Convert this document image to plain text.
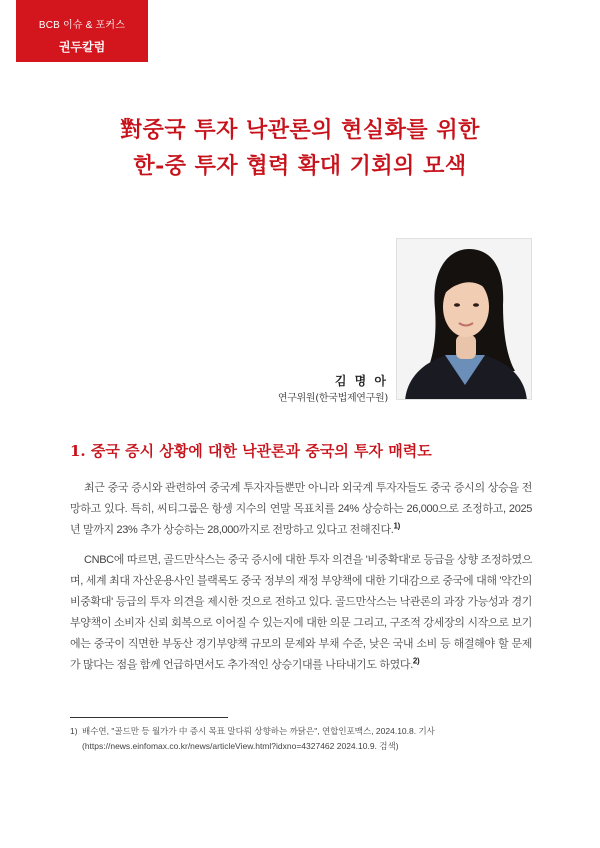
BCB 이슈 & 포커스
권두칼럼
對중국 투자 낙관론의 현실화를 위한
한-중 투자 협력 확대 기회의 모색
김 명 아
연구위원(한국법제연구원)
1. 중국 증시 상황에 대한 낙관론과 중국의 투자 매력도

최근 중국 증시와 관련하여 중국계 투자자들뿐만 아니라 외국계 투자자들도 중국 증시의 상승을 전망하고 있다. 특히, 씨티그룹은 항셍 지수의 연말 목표치를 24% 상승하는 26,000으로 조정하고, 2025년 말까지 23% 추가 상승하는 28,000까지로 전망하고 있다고 전해진다.$^{1)}$

CNBC에 따르면, 골드만삭스는 중국 증시에 대한 투자 의견을 '비중확대'로 등급을 상향 조정하였으며, 세계 최대 자산운용사인 블랙록도 중국 정부의 재정 부양책에 대한 기대감으로 중국에 대해 '약간의 비중확대' 등급의 투자 의견을 제시한 것으로 전하고 있다. 골드만삭스는 낙관론의 과장 가능성과 경기부양책이 소비자 신뢰 회복으로 이어질 수 있는지에 대한 의문 그리고, 구조적 강세장의 시작으로 보기에는 중국이 직면한 부동산 경기부양책 규모의 문제와 부채 수준, 낮은 국내 소비 등 해결해야 할 문제가 많다는 점을 함께 언급하면서도 추가적인 상승기대를 나타내기도 하였다.$^{2)}$

1) 배수연, "골드만 등 월가가 中 증시 목표 말다뤄 상향하는 까닭은", 연합인포맥스, 2024.10.8. 기사
(https://news.einfomax.co.kr/news/articleView.html?idxno=4327462 2024.10.9. 검색)
